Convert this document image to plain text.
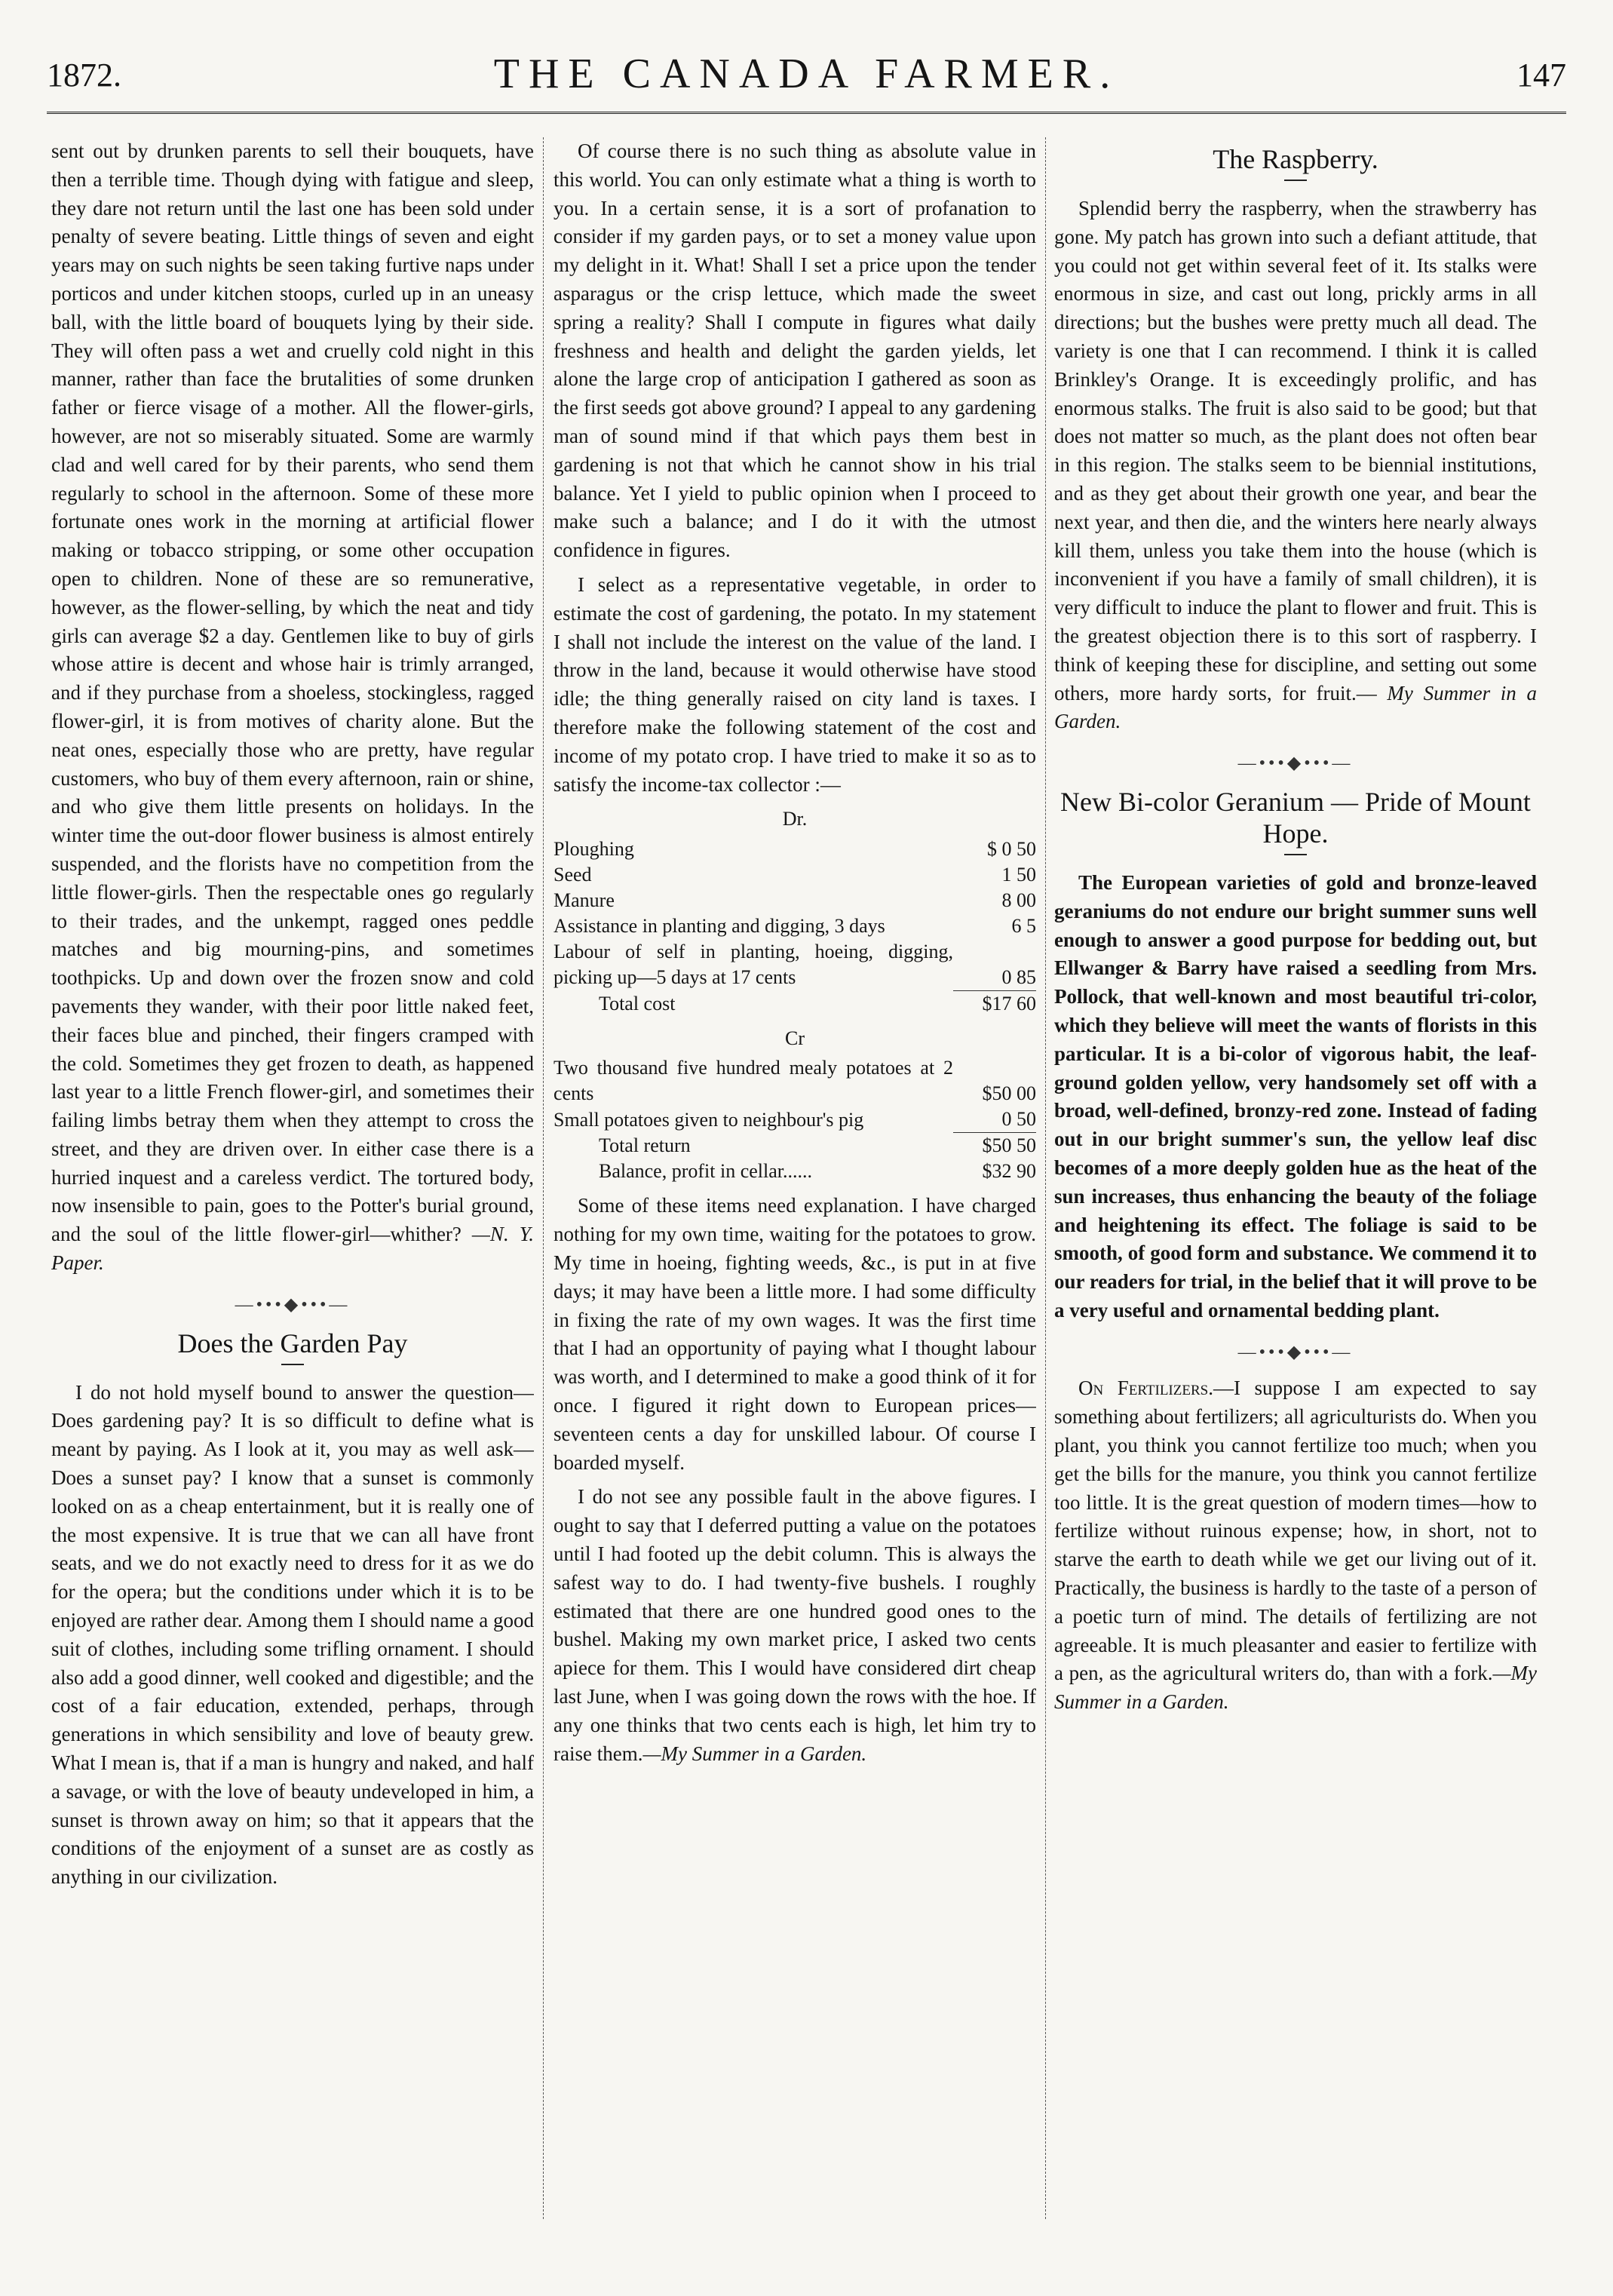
1872.	THE CANADA FARMER.	147

sent out by drunken parents to sell their bouquets, have then a terrible time. Though dying with fatigue and sleep, they dare not return until the last one has been sold under penalty of severe beating. Little things of seven and eight years may on such nights be seen taking furtive naps under porticos and under kitchen stoops, curled up in an uneasy ball, with the little board of bouquets lying by their side. They will often pass a wet and cruelly cold night in this manner, rather than face the brutalities of some drunken father or fierce visage of a mother. All the flower-girls, however, are not so miserably situated. Some are warmly clad and well cared for by their parents, who send them regularly to school in the afternoon. Some of these more fortunate ones work in the morning at artificial flower making or tobacco stripping, or some other occupation open to children. None of these are so remunerative, however, as the flower-selling, by which the neat and tidy girls can average $2 a day. Gentlemen like to buy of girls whose attire is decent and whose hair is trimly arranged, and if they purchase from a shoeless, stockingless, ragged flower-girl, it is from motives of charity alone. But the neat ones, especially those who are pretty, have regular customers, who buy of them every afternoon, rain or shine, and who give them little presents on holidays. In the winter time the out-door flower business is almost entirely suspended, and the florists have no competition from the little flower-girls. Then the respectable ones go regularly to their trades, and the unkempt, ragged ones peddle matches and big mourning-pins, and sometimes toothpicks. Up and down over the frozen snow and cold pavements they wander, with their poor little naked feet, their faces blue and pinched, their fingers cramped with the cold. Sometimes they get frozen to death, as happened last year to a little French flower-girl, and sometimes their failing limbs betray them when they attempt to cross the street, and they are driven over. In either case there is a hurried inquest and a careless verdict. The tortured body, now insensible to pain, goes to the Potter's burial ground, and the soul of the little flower-girl—whither? —N. Y. Paper.

—•••◆•••—
Does the Garden Pay

I do not hold myself bound to answer the question—Does gardening pay? It is so difficult to define what is meant by paying. As I look at it, you may as well ask—Does a sunset pay? I know that a sunset is commonly looked on as a cheap entertainment, but it is really one of the most expensive. It is true that we can all have front seats, and we do not exactly need to dress for it as we do for the opera; but the conditions under which it is to be enjoyed are rather dear. Among them I should name a good suit of clothes, including some trifling ornament. I should also add a good dinner, well cooked and digestible; and the cost of a fair education, extended, perhaps, through generations in which sensibility and love of beauty grew. What I mean is, that if a man is hungry and naked, and half a savage, or with the love of beauty undeveloped in him, a sunset is thrown away on him; so that it appears that the conditions of the enjoyment of a sunset are as costly as anything in our civilization.

Of course there is no such thing as absolute value in this world. You can only estimate what a thing is worth to you. In a certain sense, it is a sort of profanation to consider if my garden pays, or to set a money value upon my delight in it. What! Shall I set a price upon the tender asparagus or the crisp lettuce, which made the sweet spring a reality? Shall I compute in figures what daily freshness and health and delight the garden yields, let alone the large crop of anticipation I gathered as soon as the first seeds got above ground? I appeal to any gardening man of sound mind if that which pays them best in gardening is not that which he cannot show in his trial balance. Yet I yield to public opinion when I proceed to make such a balance; and I do it with the utmost confidence in figures.

I select as a representative vegetable, in order to estimate the cost of gardening, the potato. In my statement I shall not include the interest on the value of the land. I throw in the land, because it would otherwise have stood idle; the thing generally raised on city land is taxes. I therefore make the following statement of the cost and income of my potato crop. I have tried to make it so as to satisfy the income-tax collector :—

Dr.
Ploughing	$ 0 50
Seed	1 50
Manure	8 00
Assistance in planting and digging, 3 days	6 5
Labour of self in planting, hoeing, digging, picking up—5 days at 17 cents	0 85
Total cost	$17 60
Cr
Two thousand five hundred mealy potatoes at 2 cents	$50 00
Small potatoes given to neighbour's pig	0 50
Total return	$50 50
Balance, profit in cellar......	$32 90

Some of these items need explanation. I have charged nothing for my own time, waiting for the potatoes to grow. My time in hoeing, fighting weeds, &c., is put in at five days; it may have been a little more. I had some difficulty in fixing the rate of my own wages. It was the first time that I had an opportunity of paying what I thought labour was worth, and I determined to make a good think of it for once. I figured it right down to European prices—seventeen cents a day for unskilled labour. Of course I boarded myself.

I do not see any possible fault in the above figures. I ought to say that I deferred putting a value on the potatoes until I had footed up the debit column. This is always the safest way to do. I had twenty-five bushels. I roughly estimated that there are one hundred good ones to the bushel. Making my own market price, I asked two cents apiece for them. This I would have considered dirt cheap last June, when I was going down the rows with the hoe. If any one thinks that two cents each is high, let him try to raise them.—My Summer in a Garden.

The Raspberry.

Splendid berry the raspberry, when the strawberry has gone. My patch has grown into such a defiant attitude, that you could not get within several feet of it. Its stalks were enormous in size, and cast out long, prickly arms in all directions; but the bushes were pretty much all dead. The variety is one that I can recommend. I think it is called Brinkley's Orange. It is exceedingly prolific, and has enormous stalks. The fruit is also said to be good; but that does not matter so much, as the plant does not often bear in this region. The stalks seem to be biennial institutions, and as they get about their growth one year, and bear the next year, and then die, and the winters here nearly always kill them, unless you take them into the house (which is inconvenient if you have a family of small children), it is very difficult to induce the plant to flower and fruit. This is the greatest objection there is to this sort of raspberry. I think of keeping these for discipline, and setting out some others, more hardy sorts, for fruit.— My Summer in a Garden.

—•••◆•••—
New Bi-color Geranium — Pride of Mount Hope.

The European varieties of gold and bronze-leaved geraniums do not endure our bright summer suns well enough to answer a good purpose for bedding out, but Ellwanger & Barry have raised a seedling from Mrs. Pollock, that well-known and most beautiful tri-color, which they believe will meet the wants of florists in this particular. It is a bi-color of vigorous habit, the leaf-ground golden yellow, very handsomely set off with a broad, well-defined, bronzy-red zone. Instead of fading out in our bright summer's sun, the yellow leaf disc becomes of a more deeply golden hue as the heat of the sun increases, thus enhancing the beauty of the foliage and heightening its effect. The foliage is said to be smooth, of good form and substance. We commend it to our readers for trial, in the belief that it will prove to be a very useful and ornamental bedding plant.

—•••◆•••—

On Fertilizers.—I suppose I am expected to say something about fertilizers; all agriculturists do. When you plant, you think you cannot fertilize too much; when you get the bills for the manure, you think you cannot fertilize too little. It is the great question of modern times—how to fertilize without ruinous expense; how, in short, not to starve the earth to death while we get our living out of it. Practically, the business is hardly to the taste of a person of a poetic turn of mind. The details of fertilizing are not agreeable. It is much pleasanter and easier to fertilize with a pen, as the agricultural writers do, than with a fork.—My Summer in a Garden.
